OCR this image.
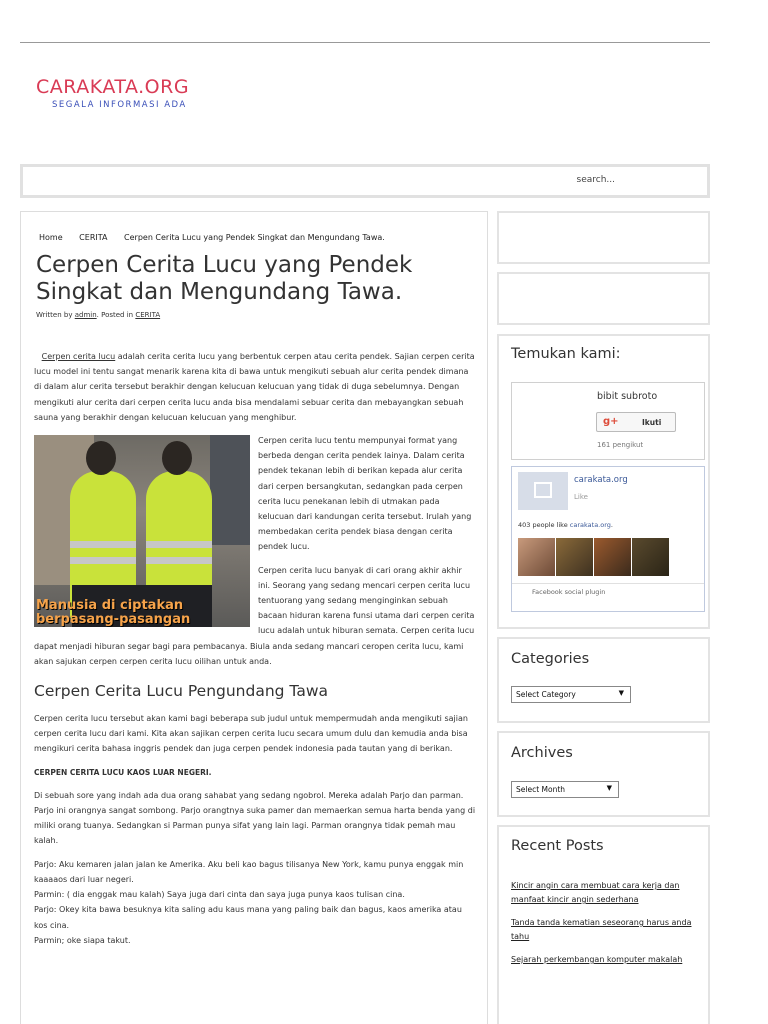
CARAKATA.ORG
SEGALA INFORMASI ADA
search...
Home CERITA Cerpen Cerita Lucu yang Pendek Singkat dan Mengundang Tawa.
Cerpen Cerita Lucu yang Pendek Singkat dan Mengundang Tawa.
Written by admin. Posted in CERITA

Cerpen cerita lucu adalah cerita cerita lucu yang berbentuk cerpen atau cerita pendek. Sajian cerpen cerita lucu model ini tentu sangat menarik karena kita di bawa untuk mengikuti sebuah alur cerita pendek dimana di dalam alur cerita tersebut berakhir dengan kelucuan kelucuan yang tidak di duga sebelumnya. Dengan mengikuti alur cerita dari cerpen cerita lucu anda bisa mendalami sebuar cerita dan mebayangkan sebuah sauna yang berakhir dengan kelucuan kelucuan yang menghibur.

Manusia di ciptakan berpasang-pasangan

Cerpen cerita lucu tentu mempunyai format yang berbeda dengan cerita pendek lainya. Dalam cerita pendek tekanan lebih di berikan kepada alur cerita dari cerpen bersangkutan, sedangkan pada cerpen cerita lucu penekanan lebih di utmakan pada kelucuan dari kandungan cerita tersebut. Irulah yang membedakan cerita pendek biasa dengan cerita pendek lucu.

Cerpen cerita lucu banyak di cari orang akhir akhir ini. Seorang yang sedang mencari cerpen cerita lucu tentuorang yang sedang menginginkan sebuah bacaan hiduran karena funsi utama dari cerpen cerita lucu adalah untuk hiburan semata. Cerpen cerita lucu dapat menjadi hiburan segar bagi para pembacanya. Biula anda sedang mancari ceropen cerita lucu, kami akan sajukan cerpen cerpen cerita lucu oilihan untuk anda.

Cerpen Cerita Lucu Pengundang Tawa

Cerpen cerita lucu tersebut akan kami bagi beberapa sub judul untuk mempermudah anda mengikuti sajian cerpen cerita lucu dari kami. Kita akan sajikan cerpen cerita lucu secara umum dulu dan kemudia anda bisa mengikuri cerita bahasa inggris pendek dan juga cerpen pendek indonesia pada tautan yang di berikan.

CERPEN CERITA LUCU KAOS LUAR NEGERI.

Di sebuah sore yang indah ada dua orang sahabat yang sedang ngobrol. Mereka adalah Parjo dan parman. Parjo ini orangnya sangat sombong. Parjo orangtnya suka pamer dan memaerkan semua harta benda yang di miliki orang tuanya. Sedangkan si Parman punya sifat yang lain lagi. Parman orangnya tidak pemah mau kalah.

Parjo: Aku kemaren jalan jalan ke Amerika. Aku beli kao bagus tilisanya New York, kamu punya enggak min kaaaaos dari luar negeri.
Parmin: ( dia enggak mau kalah) Saya juga dari cinta dan saya juga punya kaos tulisan cina.
Parjo: Okey kita bawa besuknya kita saling adu kaus mana yang paling baik dan bagus, kaos amerika atau kos cina.
Parmin; oke siapa takut.

Temukan kami:
bibit subroto
g+	Ikuti
161 pengikut
carakata.org
Like
403 people like carakata.org.
Facebook social plugin
Categories
Select Category	▼
Archives
Select Month	▼
Recent Posts
Kincir angin cara membuat cara kerja dan manfaat kincir angin sederhana
Tanda tanda kematian seseorang harus anda tahu
Sejarah perkembangan komputer makalah
